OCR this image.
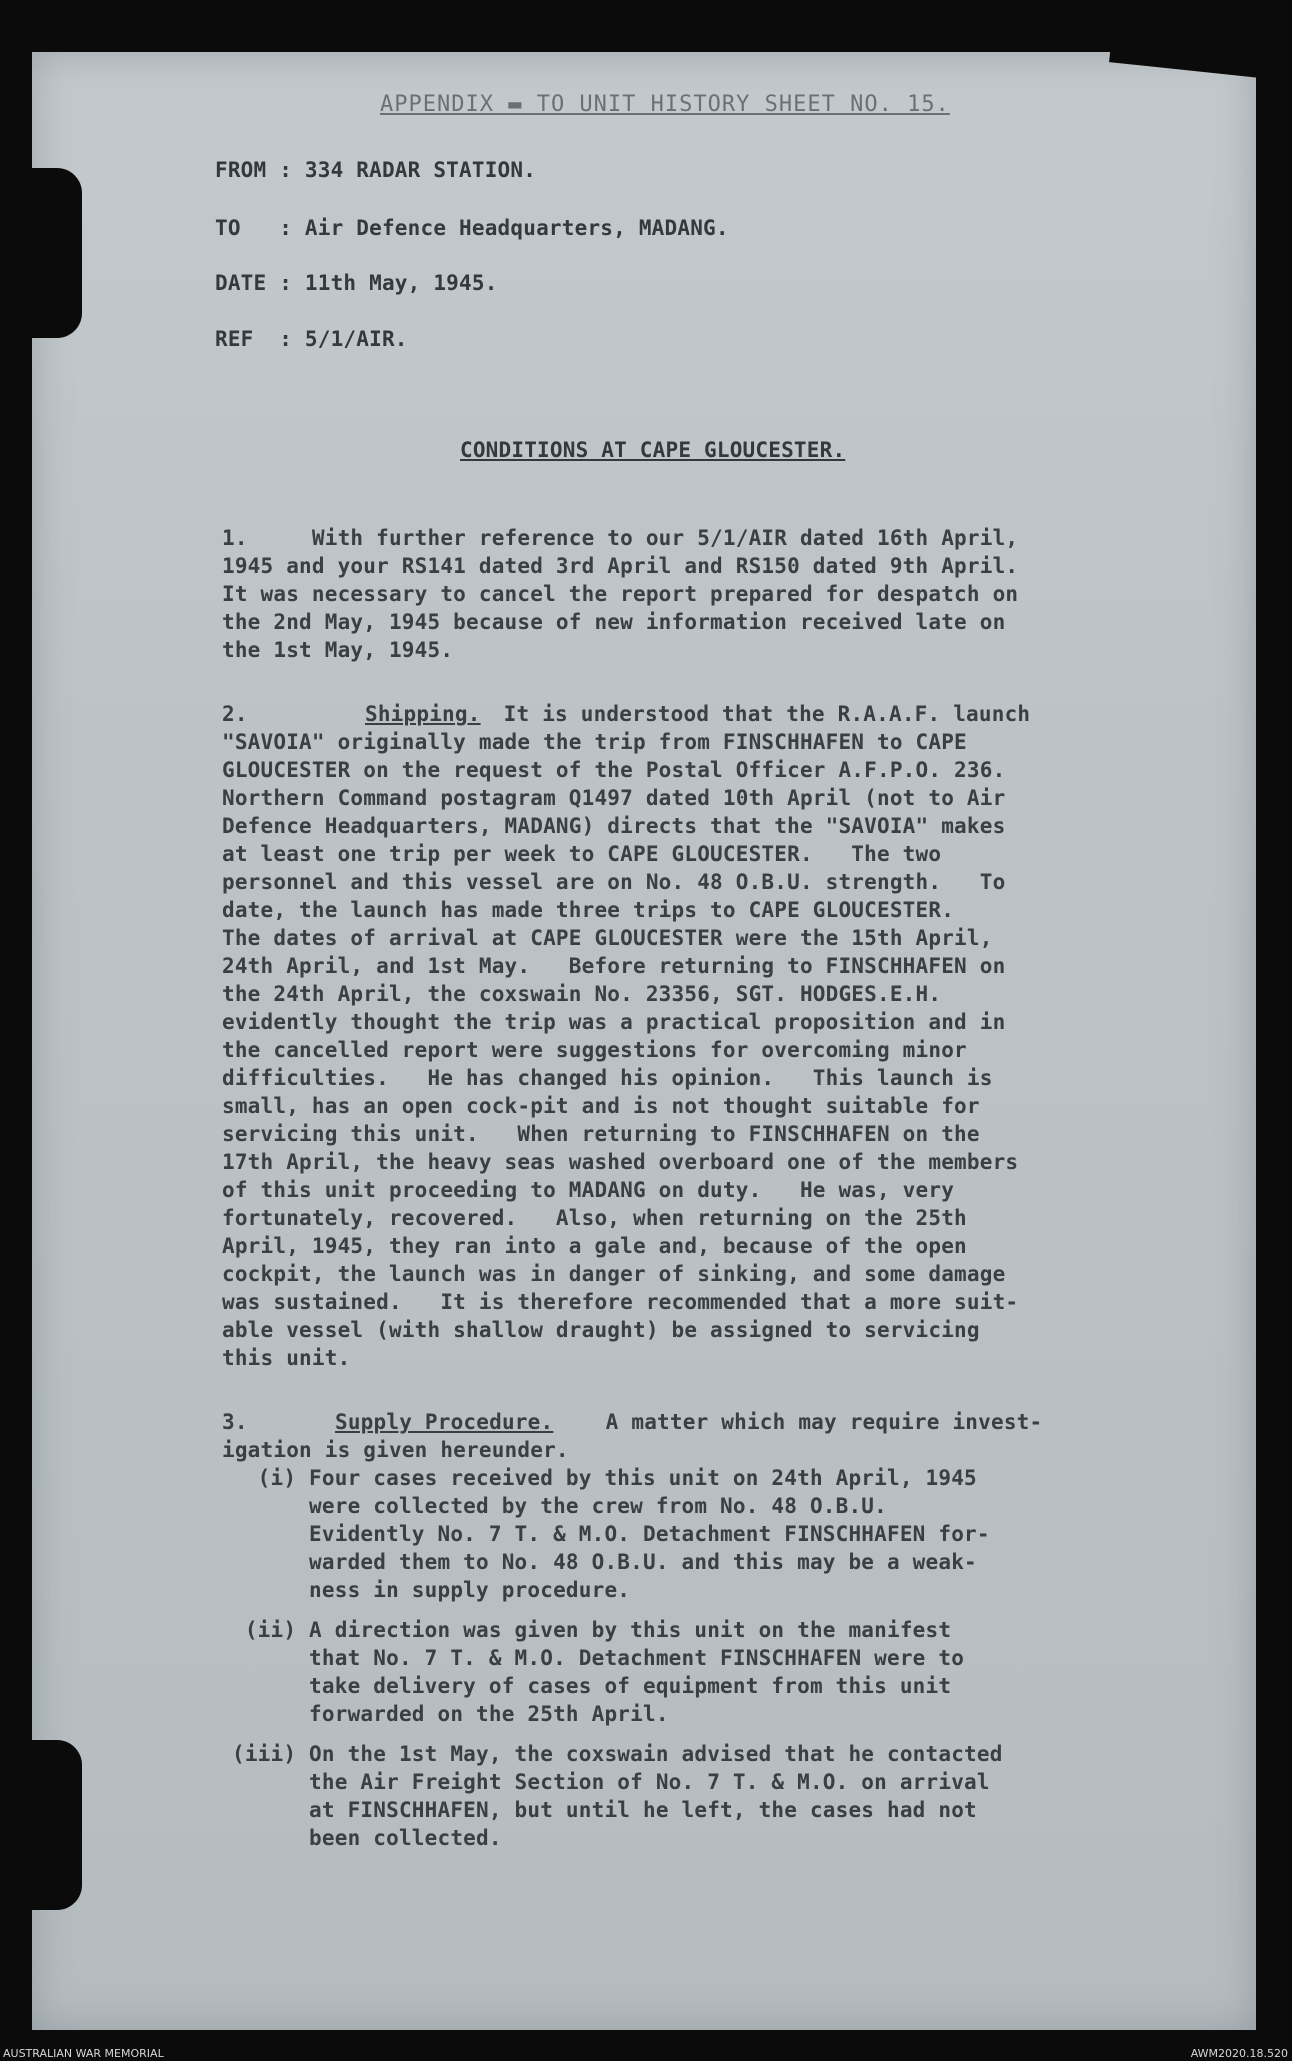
APPENDIX ▬ TO UNIT HISTORY SHEET NO. 15.
FROM : 334 RADAR STATION.
TO   : Air Defence Headquarters, MADANG.
DATE : 11th May, 1945.
REF  : 5/1/AIR.
CONDITIONS AT CAPE GLOUCESTER.
1.     With further reference to our 5/1/AIR dated 16th April,
1945 and your RS141 dated 3rd April and RS150 dated 9th April.
It was necessary to cancel the report prepared for despatch on
the 2nd May, 1945 because of new information received late on
the 1st May, 1945.
2.	Shipping.
It is understood that the R.A.A.F. launch
"SAVOIA" originally made the trip from FINSCHHAFEN to CAPE
GLOUCESTER on the request of the Postal Officer A.F.P.O. 236.
Northern Command postagram Q1497 dated 10th April (not to Air
Defence Headquarters, MADANG) directs that the "SAVOIA" makes
at least one trip per week to CAPE GLOUCESTER.   The two
personnel and this vessel are on No. 48 O.B.U. strength.   To
date, the launch has made three trips to CAPE GLOUCESTER.
The dates of arrival at CAPE GLOUCESTER were the 15th April,
24th April, and 1st May.   Before returning to FINSCHHAFEN on
the 24th April, the coxswain No. 23356, SGT. HODGES.E.H.
evidently thought the trip was a practical proposition and in
the cancelled report were suggestions for overcoming minor
difficulties.   He has changed his opinion.   This launch is
small, has an open cock-pit and is not thought suitable for
servicing this unit.   When returning to FINSCHHAFEN on the
17th April, the heavy seas washed overboard one of the members
of this unit proceeding to MADANG on duty.   He was, very
fortunately, recovered.   Also, when returning on the 25th
April, 1945, they ran into a gale and, because of the open
cockpit, the launch was in danger of sinking, and some damage
was sustained.   It is therefore recommended that a more suit-
able vessel (with shallow draught) be assigned to servicing
this unit.
3.	Supply Procedure. A matter which may require invest-
igation is given hereunder.
(i) Four cases received by this unit on 24th April, 1945
were collected by the crew from No. 48 O.B.U.
Evidently No. 7 T. & M.O. Detachment FINSCHHAFEN for-
warded them to No. 48 O.B.U. and this may be a weak-
ness in supply procedure.
(ii) A direction was given by this unit on the manifest
that No. 7 T. & M.O. Detachment FINSCHHAFEN were to
take delivery of cases of equipment from this unit
forwarded on the 25th April.
(iii) On the 1st May, the coxswain advised that he contacted
the Air Freight Section of No. 7 T. & M.O. on arrival
at FINSCHHAFEN, but until he left, the cases had not
been collected.
AUSTRALIAN WAR MEMORIAL	AWM2020.18.520
